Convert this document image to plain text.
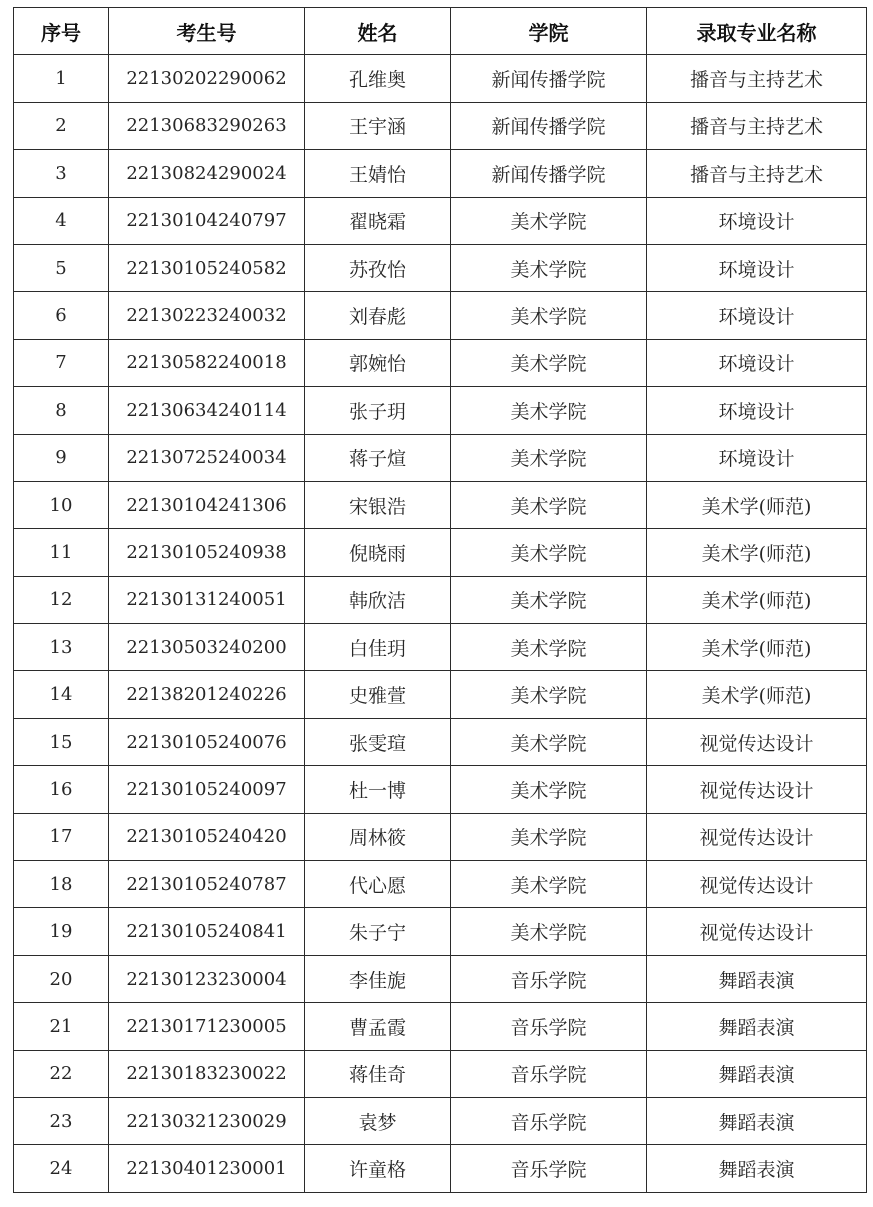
序号	考生号	姓名	学院	录取专业名称
1	22130202290062	孔维奥	新闻传播学院	播音与主持艺术
2	22130683290263	王宇涵	新闻传播学院	播音与主持艺术
3	22130824290024	王婧怡	新闻传播学院	播音与主持艺术
4	22130104240797	翟晓霜	美术学院	环境设计
5	22130105240582	苏孜怡	美术学院	环境设计
6	22130223240032	刘春彪	美术学院	环境设计
7	22130582240018	郭婉怡	美术学院	环境设计
8	22130634240114	张子玥	美术学院	环境设计
9	22130725240034	蒋子煊	美术学院	环境设计
10	22130104241306	宋银浩	美术学院	美术学(师范)
11	22130105240938	倪晓雨	美术学院	美术学(师范)
12	22130131240051	韩欣洁	美术学院	美术学(师范)
13	22130503240200	白佳玥	美术学院	美术学(师范)
14	22138201240226	史雅萱	美术学院	美术学(师范)
15	22130105240076	张雯瑄	美术学院	视觉传达设计
16	22130105240097	杜一博	美术学院	视觉传达设计
17	22130105240420	周林筱	美术学院	视觉传达设计
18	22130105240787	代心愿	美术学院	视觉传达设计
19	22130105240841	朱子宁	美术学院	视觉传达设计
20	22130123230004	李佳旎	音乐学院	舞蹈表演
21	22130171230005	曹孟霞	音乐学院	舞蹈表演
22	22130183230022	蒋佳奇	音乐学院	舞蹈表演
23	22130321230029	袁梦	音乐学院	舞蹈表演
24	22130401230001	许童格	音乐学院	舞蹈表演
